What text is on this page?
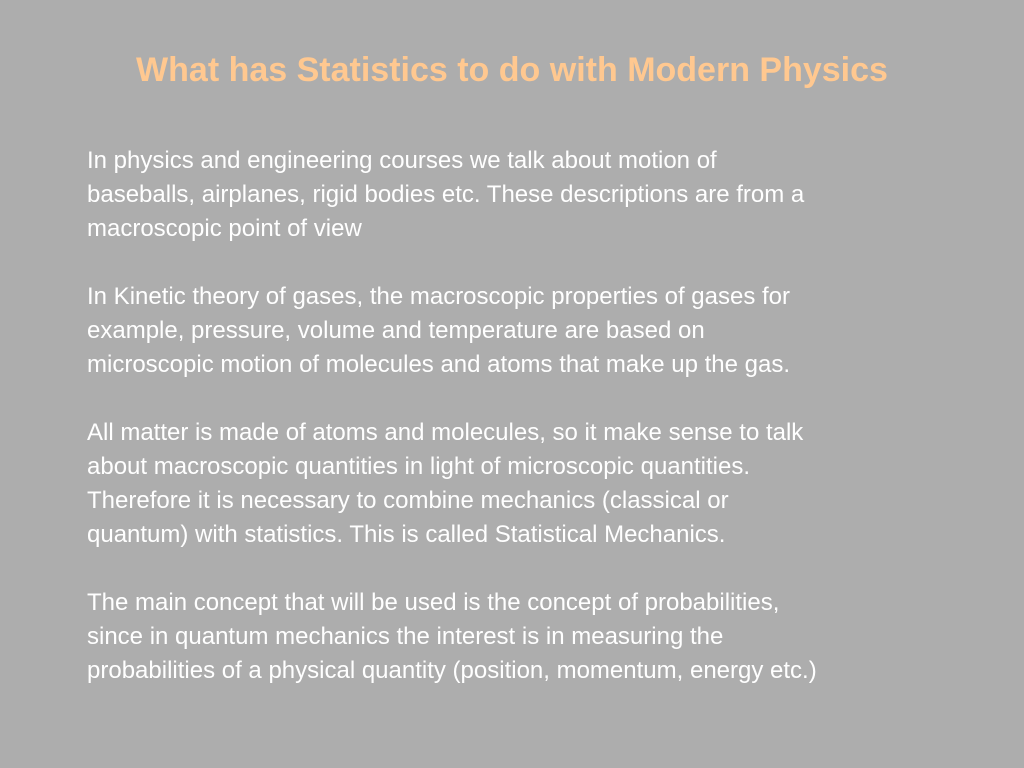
What has Statistics to do with Modern Physics

In physics and engineering courses we talk about motion of
baseballs, airplanes, rigid bodies etc. These descriptions are from a
macroscopic point of view

In Kinetic theory of gases, the macroscopic properties of gases for
example, pressure, volume and temperature are based on
microscopic motion of molecules and atoms that make up the gas.

All matter is made of atoms and molecules, so it make sense to talk
about macroscopic quantities in light of microscopic quantities.
Therefore it is necessary to combine mechanics (classical or
quantum) with statistics. This is called Statistical Mechanics.

The main concept that will be used is the concept of probabilities,
since in quantum mechanics the interest is in measuring the
probabilities of a physical quantity (position, momentum, energy etc.)
